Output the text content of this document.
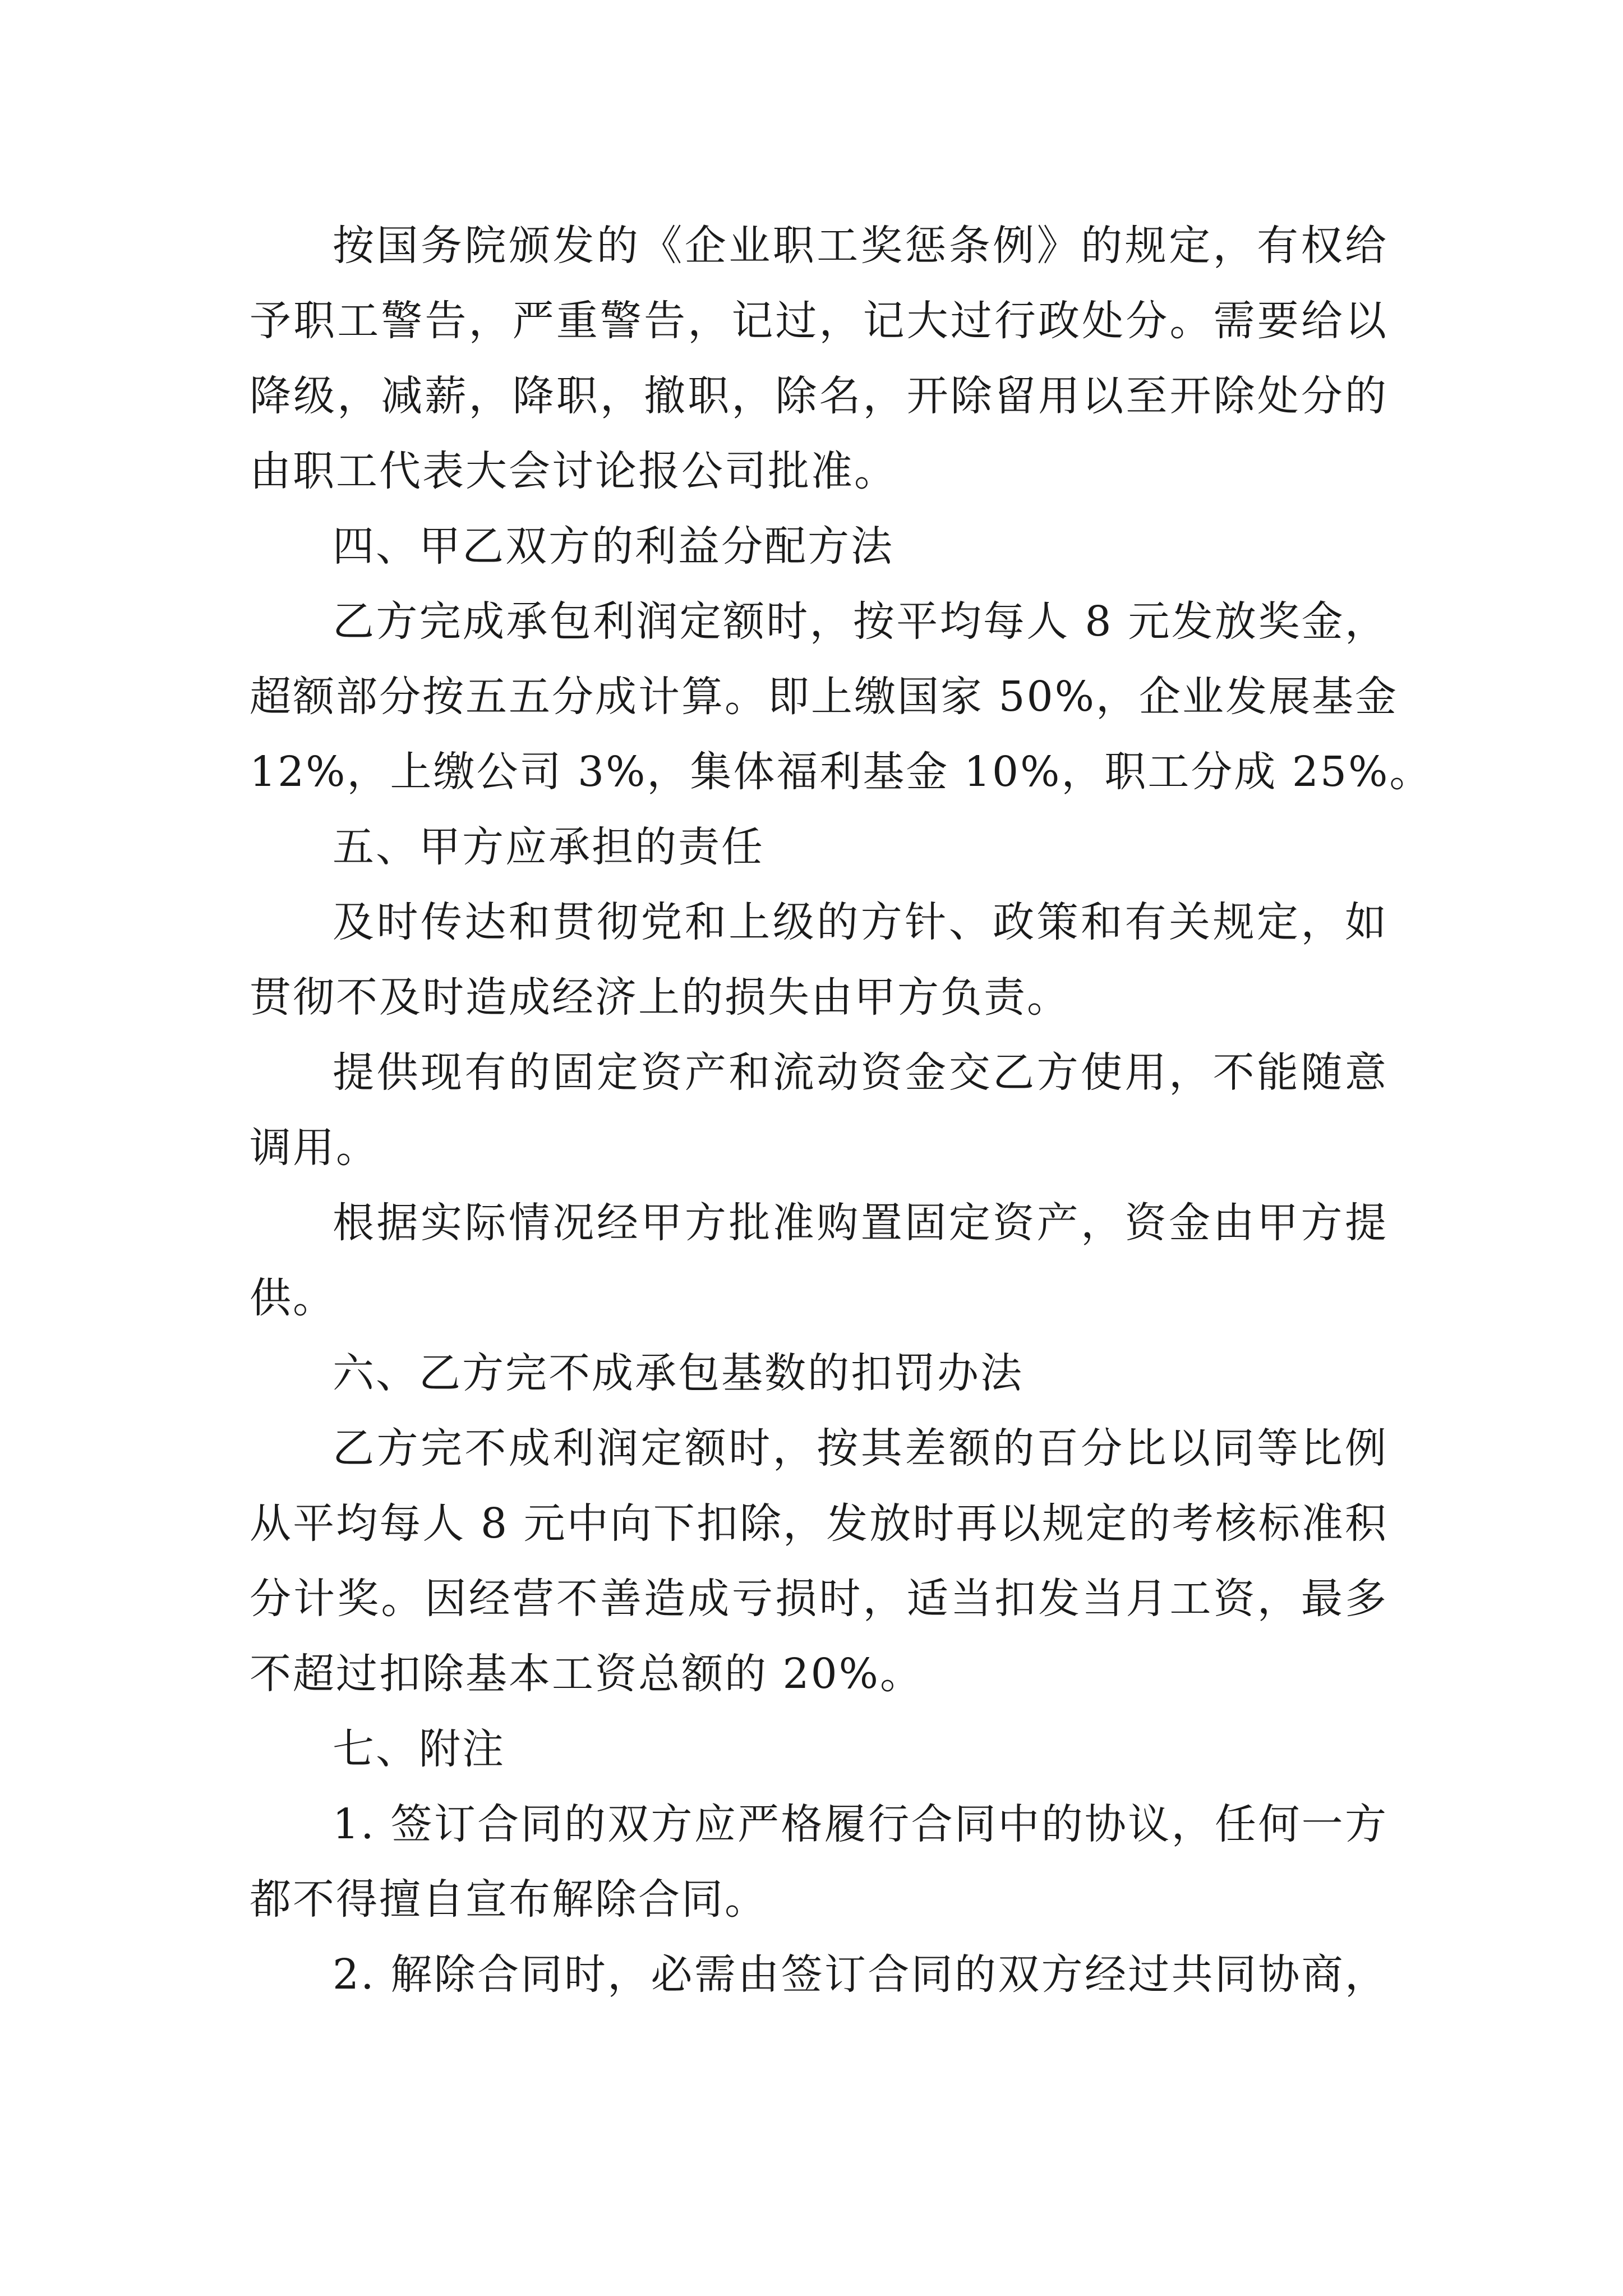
按国务院颁发的《企业职工奖惩条例》的规定，有权给
予职工警告，严重警告，记过，记大过行政处分。需要给以
降级，减薪，降职，撤职，除名，开除留用以至开除处分的
由职工代表大会讨论报公司批准。
四、甲乙双方的利益分配方法
乙方完成承包利润定额时，按平均每人 8 元发放奖金，
超额部分按五五分成计算。即上缴国家 50%，企业发展基金
12%，上缴公司 3%，集体福利基金 10%，职工分成 25%。
五、甲方应承担的责任
及时传达和贯彻党和上级的方针、政策和有关规定，如
贯彻不及时造成经济上的损失由甲方负责。
提供现有的固定资产和流动资金交乙方使用，不能随意
调用。
根据实际情况经甲方批准购置固定资产，资金由甲方提
供。
六、乙方完不成承包基数的扣罚办法
乙方完不成利润定额时，按其差额的百分比以同等比例
从平均每人 8 元中向下扣除，发放时再以规定的考核标准积
分计奖。因经营不善造成亏损时，适当扣发当月工资，最多
不超过扣除基本工资总额的 20%。
七、附注
1. 签订合同的双方应严格履行合同中的协议，任何一方
都不得擅自宣布解除合同。
2. 解除合同时，必需由签订合同的双方经过共同协商，
